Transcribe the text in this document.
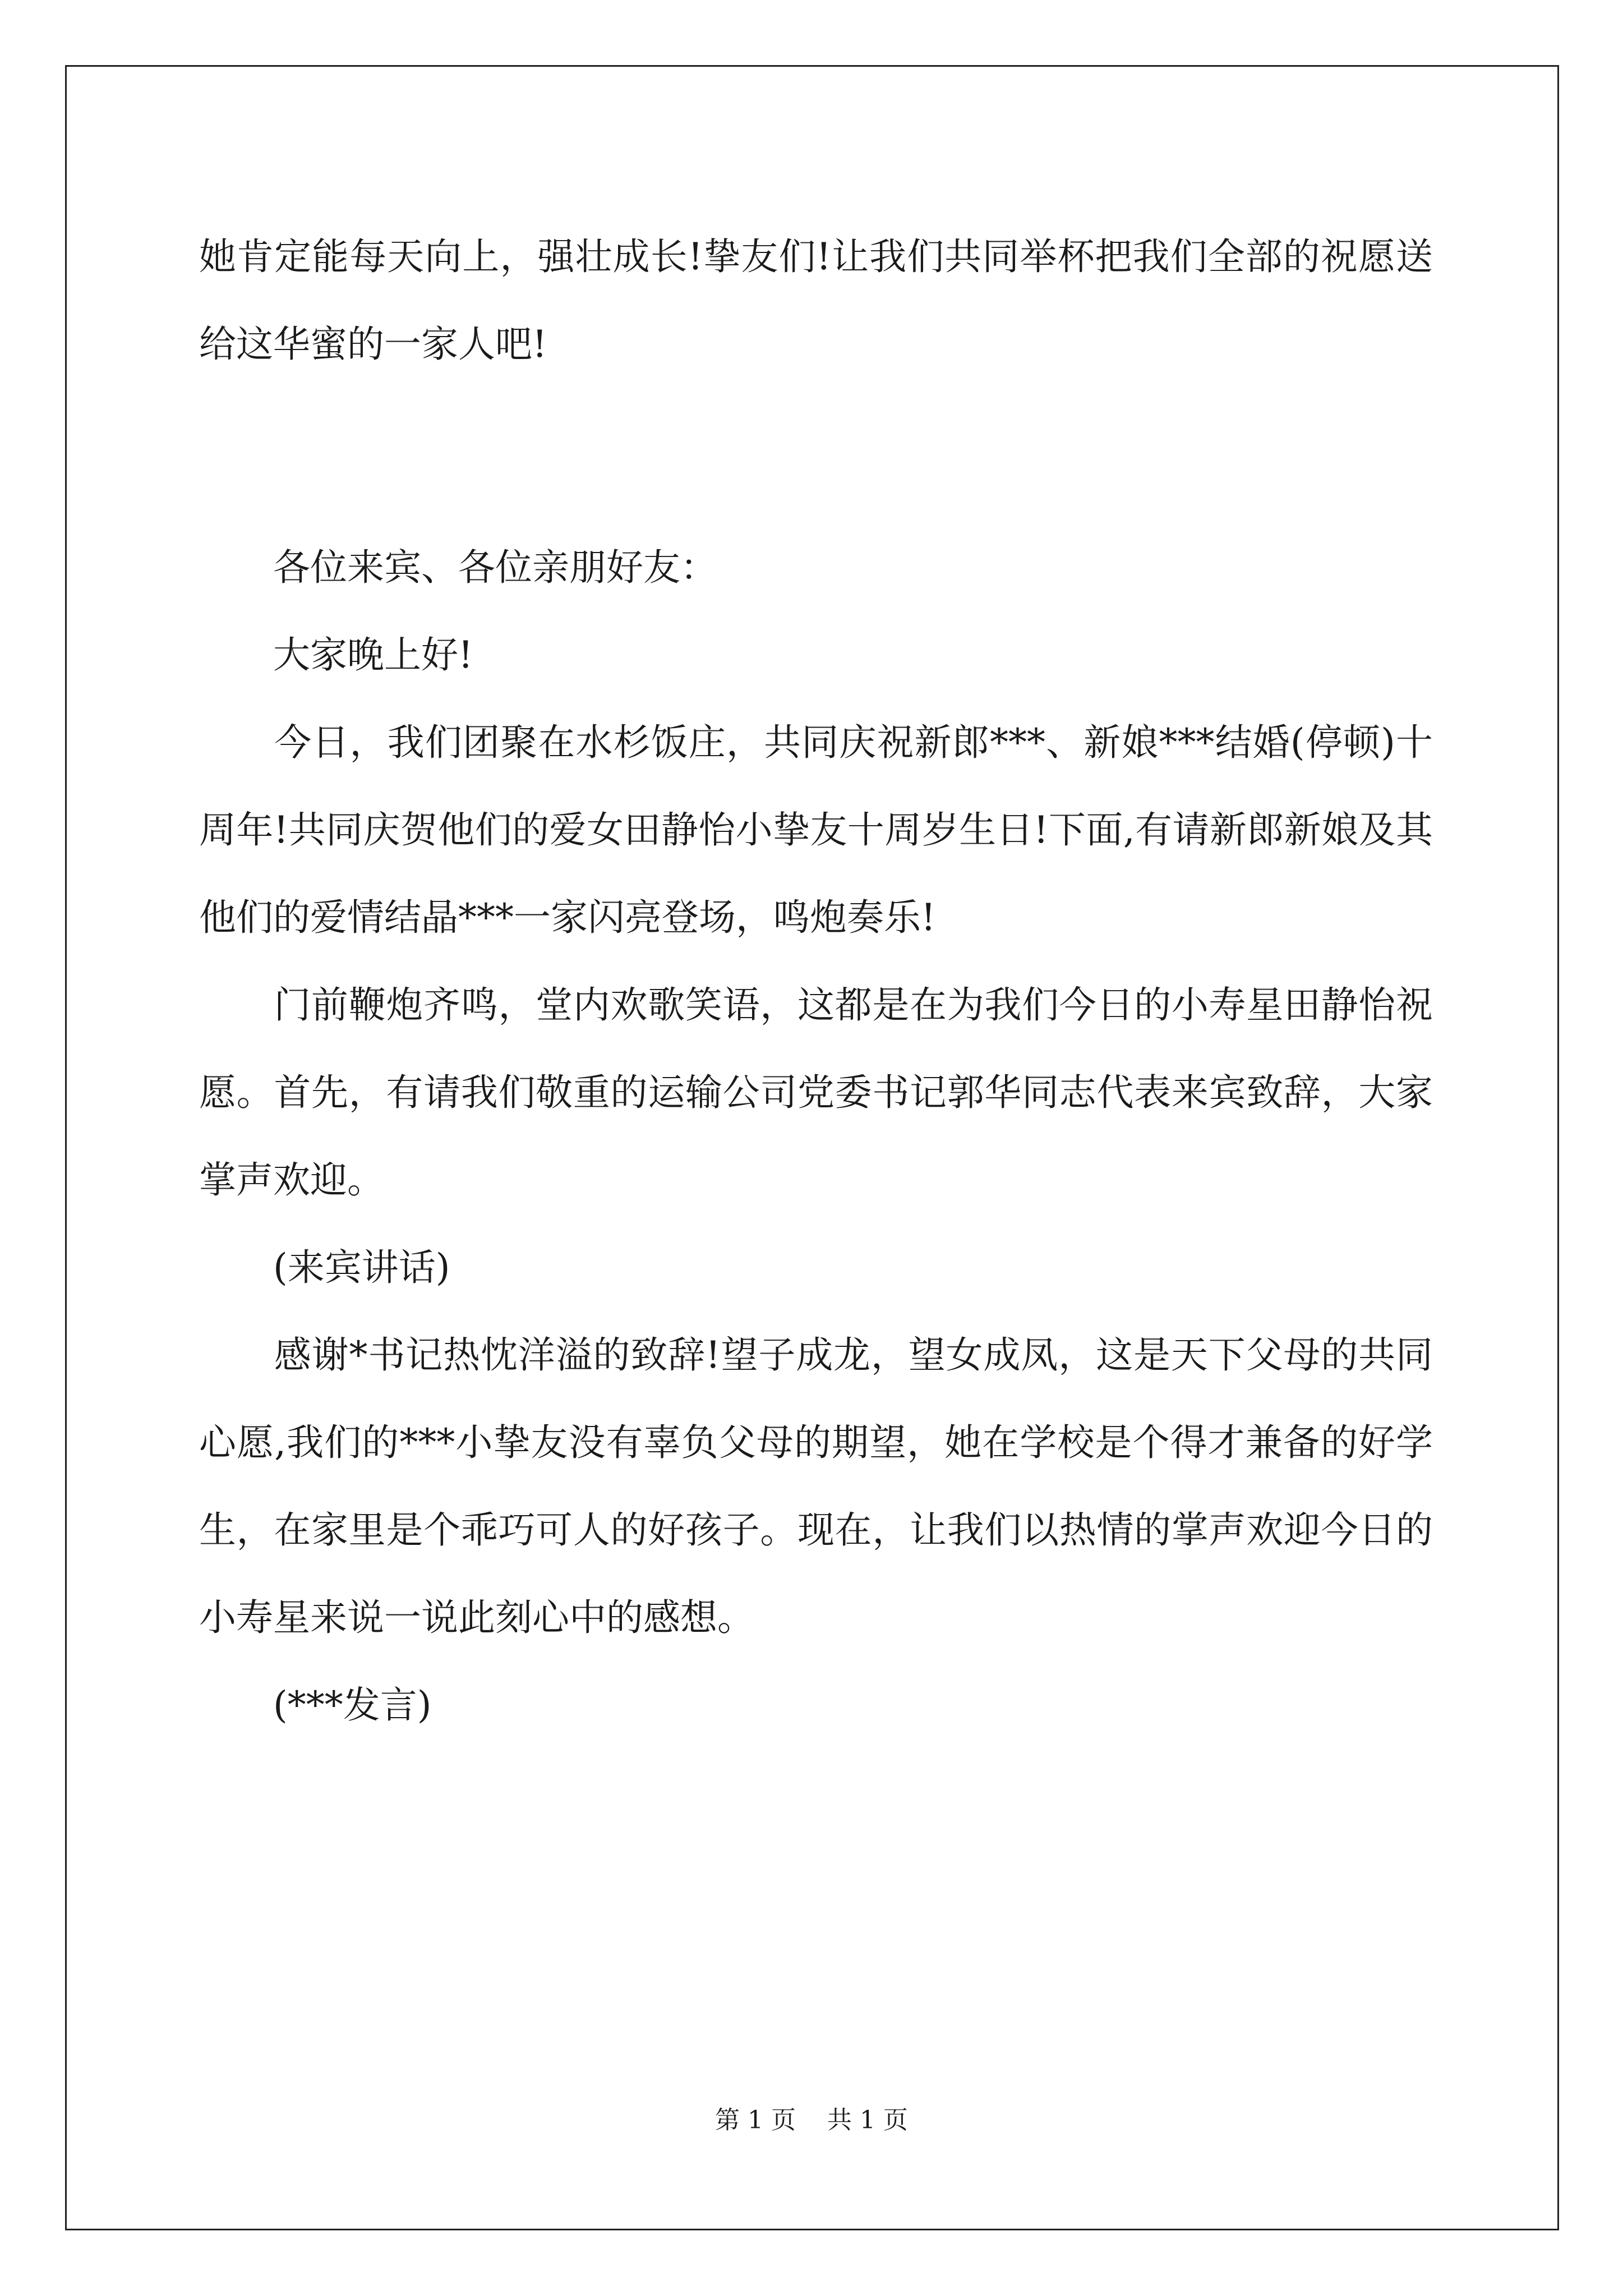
她肯定能每天向上，强壮成长!挚友们!让我们共同举杯把我们全部的祝愿送给这华蜜的一家人吧!

　　各位来宾、各位亲朋好友：

　　大家晚上好!

　　今日，我们团聚在水杉饭庄，共同庆祝新郎***、新娘***结婚(停顿)十周年!共同庆贺他们的爱女田静怡小挚友十周岁生日!下面,有请新郎新娘及其他们的爱情结晶***一家闪亮登场，鸣炮奏乐!

　　门前鞭炮齐鸣，堂内欢歌笑语，这都是在为我们今日的小寿星田静怡祝愿。首先，有请我们敬重的运输公司党委书记郭华同志代表来宾致辞，大家掌声欢迎。

　　(来宾讲话)

　　感谢*书记热忱洋溢的致辞!望子成龙，望女成凤，这是天下父母的共同心愿,我们的***小挚友没有辜负父母的期望，她在学校是个得才兼备的好学生，在家里是个乖巧可人的好孩子。现在，让我们以热情的掌声欢迎今日的小寿星来说一说此刻心中的感想。

　　(***发言)

第 1 页    共 1 页
